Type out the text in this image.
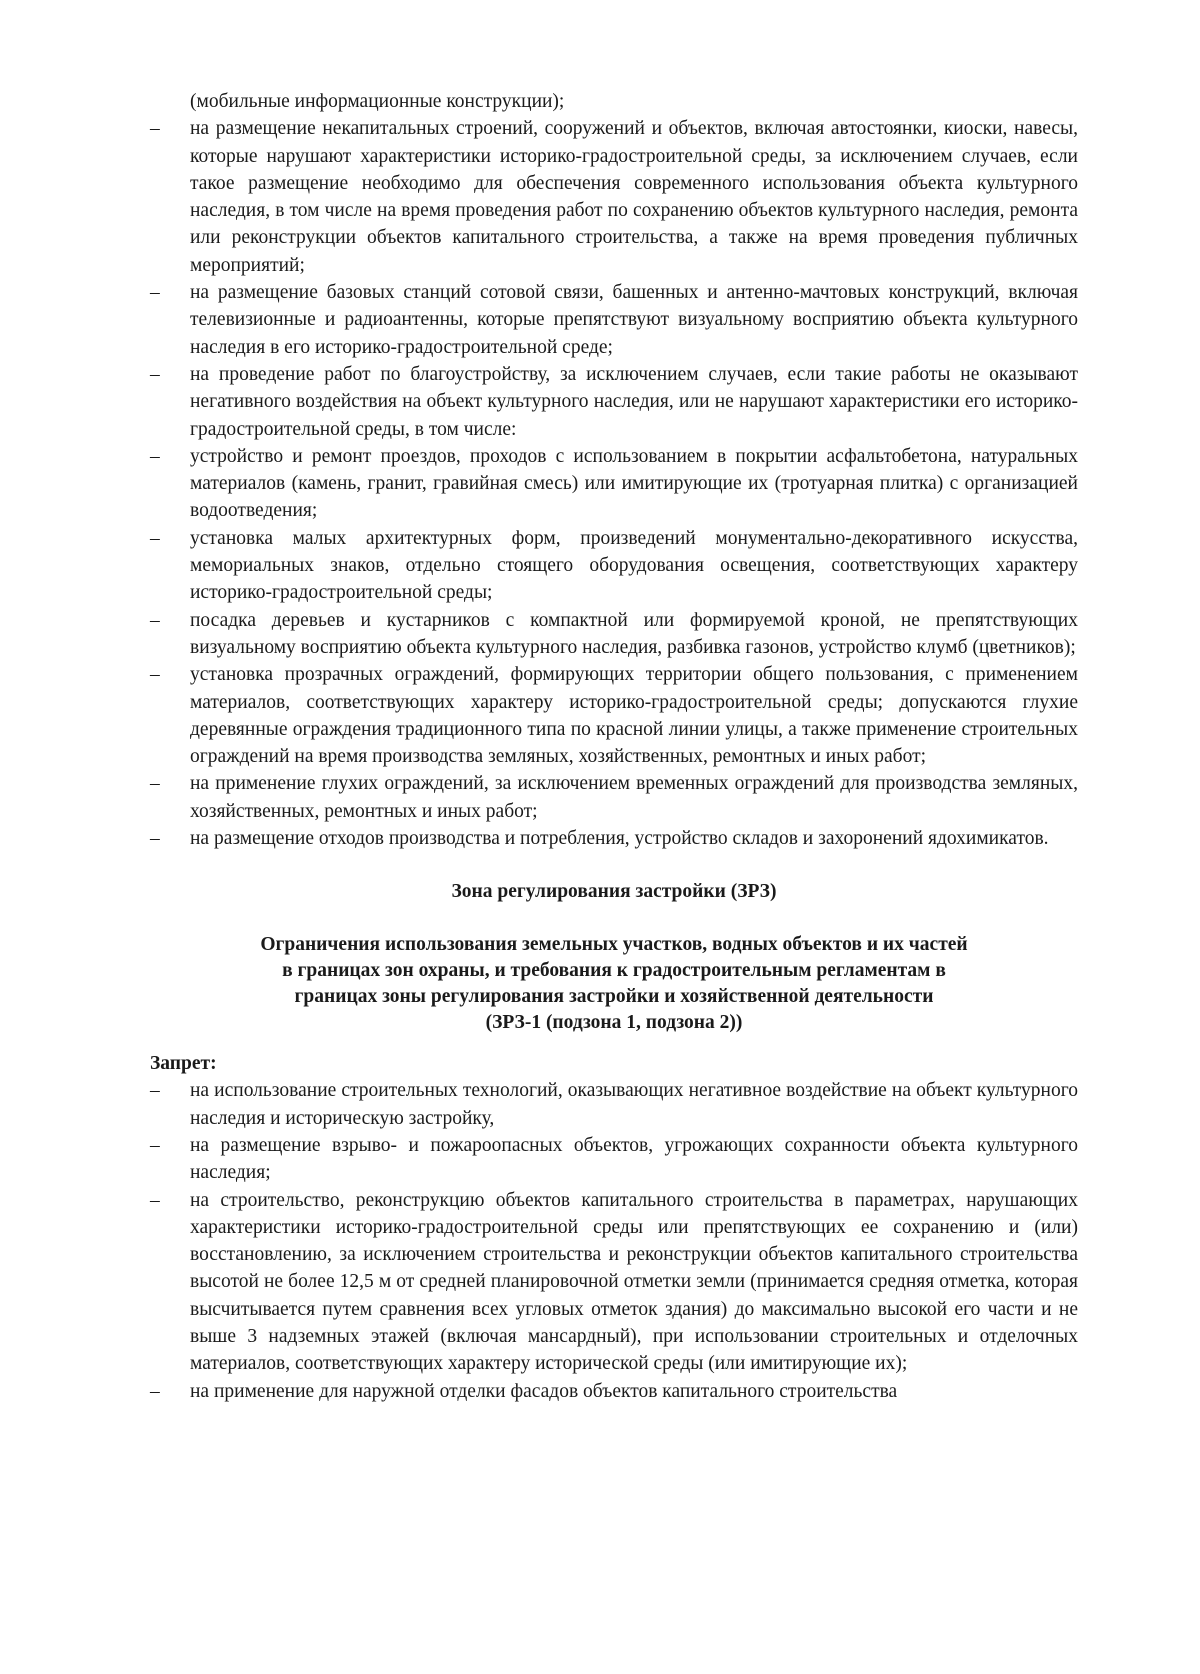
(мобильные информационные конструкции);
–	на размещение некапитальных строений, сооружений и объектов, включая автостоянки, киоски, навесы, которые нарушают характеристики историко-градостроительной среды, за исключением случаев, если такое размещение необходимо для обеспечения современного использования объекта культурного наследия, в том числе на время проведения работ по сохранению объектов культурного наследия, ремонта или реконструкции объектов капитального строительства, а также на время проведения публичных мероприятий;
–	на размещение базовых станций сотовой связи, башенных и антенно-мачтовых конструкций, включая телевизионные и радиоантенны, которые препятствуют визуальному восприятию объекта культурного наследия в его историко-градостроительной среде;
–	на проведение работ по благоустройству, за исключением случаев, если такие работы не оказывают негативного воздействия на объект культурного наследия, или не нарушают характеристики его историко-градостроительной среды, в том числе:
–	устройство и ремонт проездов, проходов с использованием в покрытии асфальтобетона, натуральных материалов (камень, гранит, гравийная смесь) или имитирующие их (тротуарная плитка) с организацией водоотведения;
–	установка малых архитектурных форм, произведений монументально-декоративного искусства, мемориальных знаков, отдельно стоящего оборудования освещения, соответствующих характеру историко-градостроительной среды;
–	посадка деревьев и кустарников с компактной или формируемой кроной, не препятствующих визуальному восприятию объекта культурного наследия, разбивка газонов, устройство клумб (цветников);
–	установка прозрачных ограждений, формирующих территории общего пользования, с применением материалов, соответствующих характеру историко-градостроительной среды; допускаются глухие деревянные ограждения традиционного типа по красной линии улицы, а также применение строительных ограждений на время производства земляных, хозяйственных, ремонтных и иных работ;
–	на применение глухих ограждений, за исключением временных ограждений для производства земляных, хозяйственных, ремонтных и иных работ;
–	на размещение отходов производства и потребления, устройство складов и захоронений ядохимикатов.
Зона регулирования застройки (ЗРЗ)
Ограничения использования земельных участков, водных объектов и их частей
в границах зон охраны, и требования к градостроительным регламентам в
границах зоны регулирования застройки и хозяйственной деятельности
(ЗРЗ-1 (подзона 1, подзона 2))
Запрет:
–	на использование строительных технологий, оказывающих негативное воздействие на объект культурного наследия и историческую застройку,
–	на размещение взрыво- и пожароопасных объектов, угрожающих сохранности объекта культурного наследия;
–	на строительство, реконструкцию объектов капитального строительства в параметрах, нарушающих характеристики историко-градостроительной среды или препятствующих ее сохранению и (или) восстановлению, за исключением строительства и реконструкции объектов капитального строительства высотой не более 12,5 м от средней планировочной отметки земли (принимается средняя отметка, которая высчитывается путем сравнения всех угловых отметок здания) до максимально высокой его части и не выше 3 надземных этажей (включая мансардный), при использовании строительных и отделочных материалов, соответствующих характеру исторической среды (или имитирующие их);
–	на применение для наружной отделки фасадов объектов капитального строительства
